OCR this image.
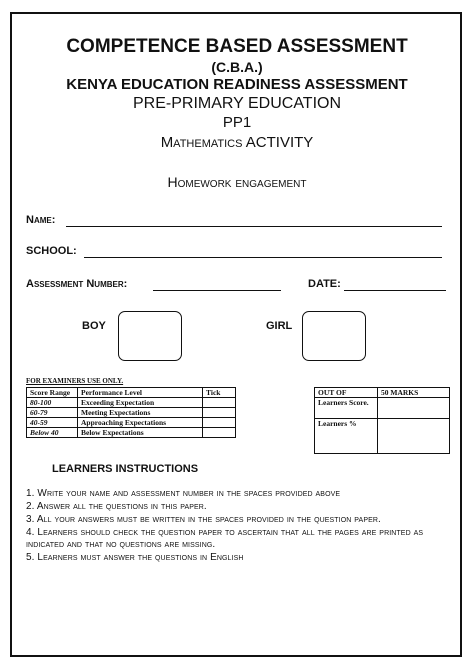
COMPETENCE BASED ASSESSMENT
(C.B.A.)
KENYA EDUCATION READINESS ASSESSMENT
PRE-PRIMARY EDUCATION
PP1
Mathematics ACTIVITY
Homework engagement
Name:
SCHOOL:
Assessment Number:	DATE:
BOY	GIRL
FOR EXAMINERS USE ONLY.
Score Range	Performance Level	Tick
80-100	Exceeding Expectation	
60-79	Meeting Expectations	
40-59	Approaching Expectations	
Below 40	Below Expectations	
OUT OF	50 MARKS
Learners Score.	
Learners %	
LEARNERS INSTRUCTIONS

1. Write your name and assessment number in the spaces provided above

2. Answer all the questions in this paper.

3. All your answers must be written in the spaces provided in the question paper.

4. Learners should check the question paper to ascertain that all the pages are printed as indicated and that no questions are missing.

5. Learners must answer the questions in English
